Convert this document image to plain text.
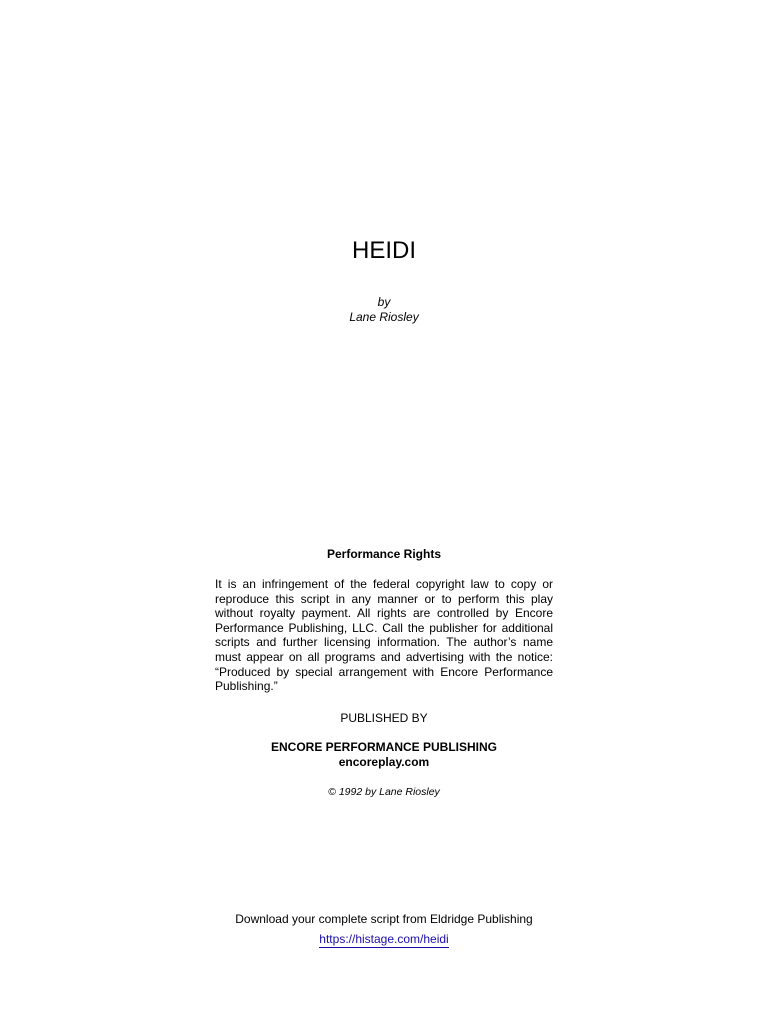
HEIDI
by
Lane Riosley
Performance Rights
It is an infringement of the federal copyright law to copy or reproduce this script in any manner or to perform this play without royalty payment. All rights are controlled by Encore Performance Publishing, LLC. Call the publisher for additional scripts and further licensing information. The author’s name must appear on all programs and advertising with the notice: “Produced by special arrangement with Encore Performance Publishing.”
PUBLISHED BY
ENCORE PERFORMANCE PUBLISHING
encoreplay.com
© 1992 by Lane Riosley
Download your complete script from Eldridge Publishing
https://histage.com/heidi
